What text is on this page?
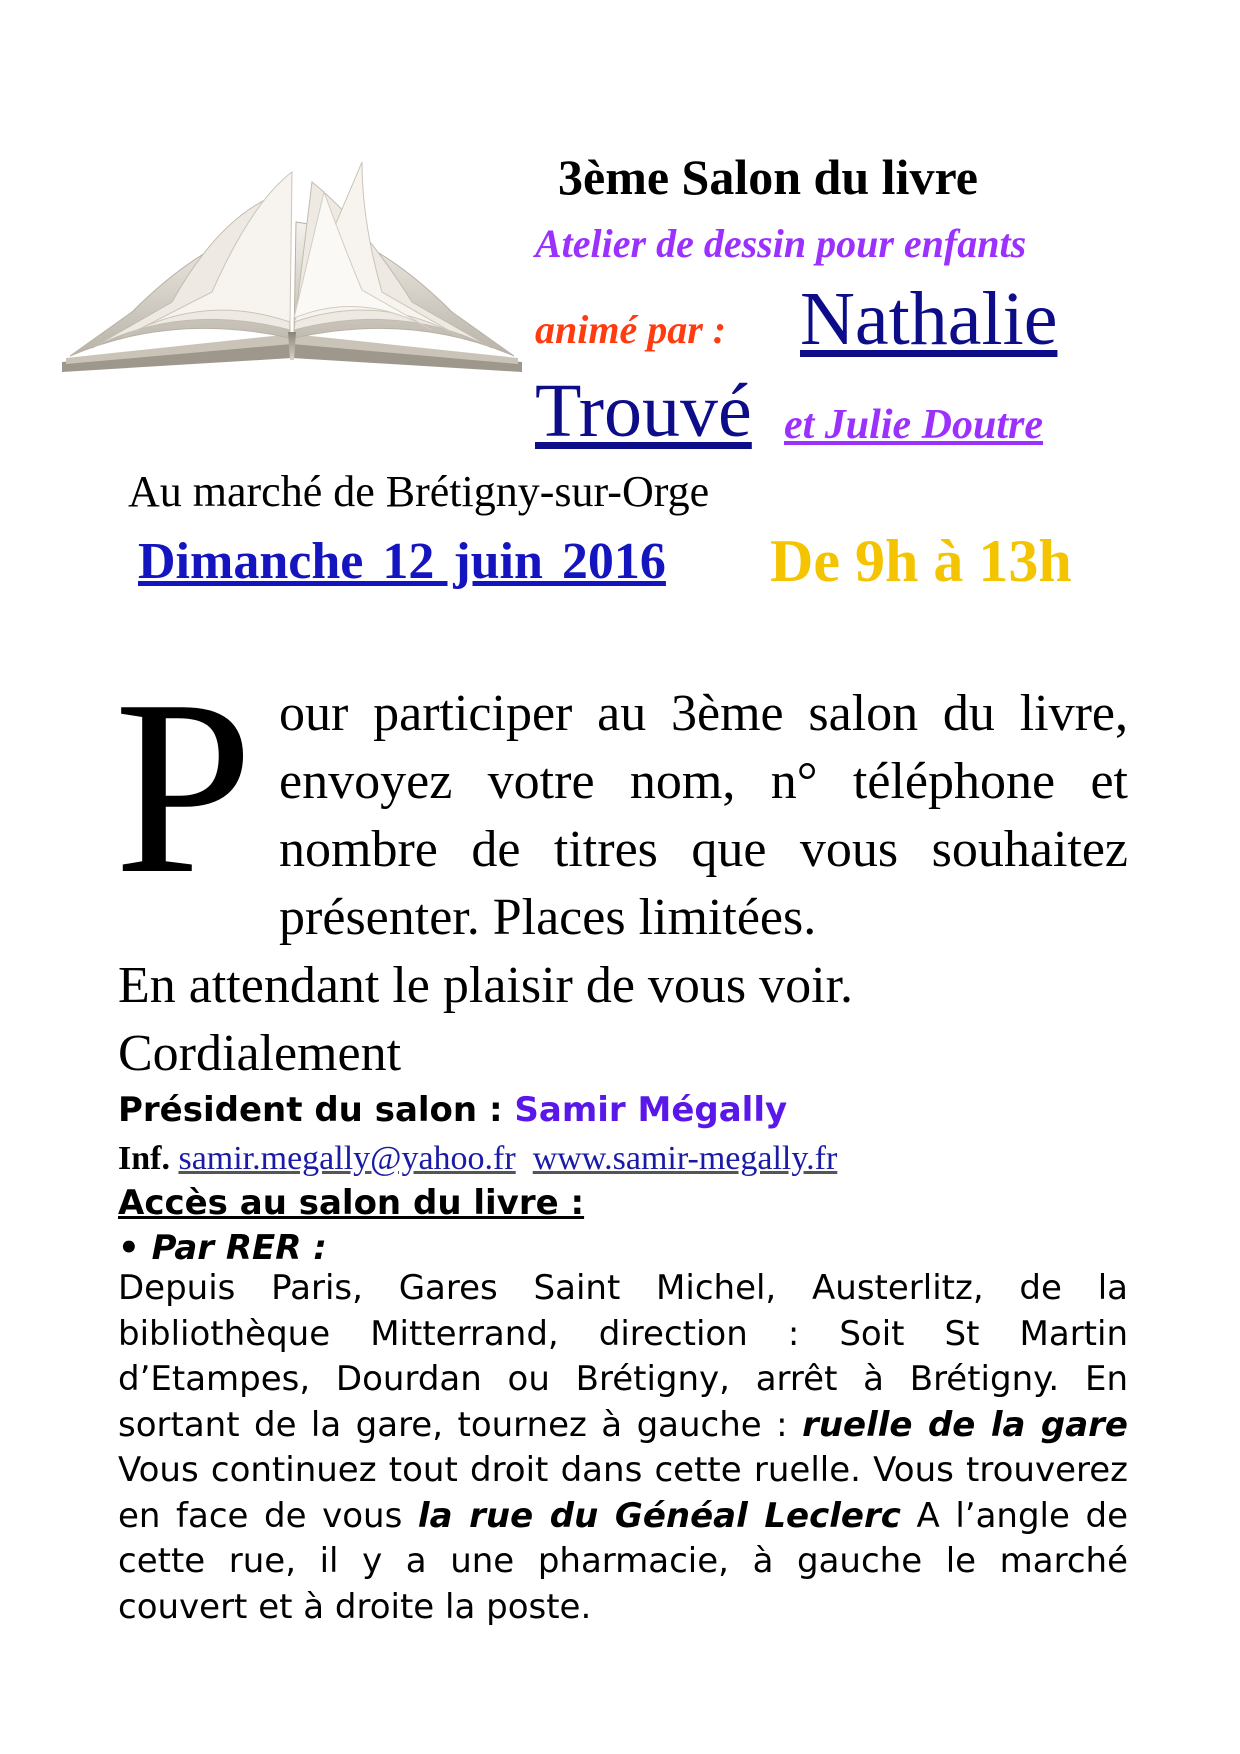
3ème Salon du livre
Atelier de dessin pour enfants
animé par : Nathalie
Trouvé et Julie Doutre
Au marché de Brétigny-sur-Orge
Dimanche 12 juin 2016 De 9h à 13h
P our participer au 3ème salon du livre, envoyez votre nom, n° téléphone et nombre de titres que vous souhaitez présenter. Places limitées.

En attendant le plaisir de vous voir.

Cordialement

Président du salon : Samir Mégally
Inf. samir.megally@yahoo.fr www.samir-megally.fr
Accès au salon du livre :
• Par RER :
Depuis Paris, Gares Saint Michel, Austerlitz, de la bibliothèque Mitterrand, direction : Soit St Martin d’Etampes, Dourdan ou Brétigny, arrêt à Brétigny. En sortant de la gare, tournez à gauche : ruelle de la gare Vous continuez tout droit dans cette ruelle. Vous trouverez en face de vous la rue du Généal Leclerc A l’angle de cette rue, il y a une pharmacie, à gauche le marché couvert et à droite la poste.
